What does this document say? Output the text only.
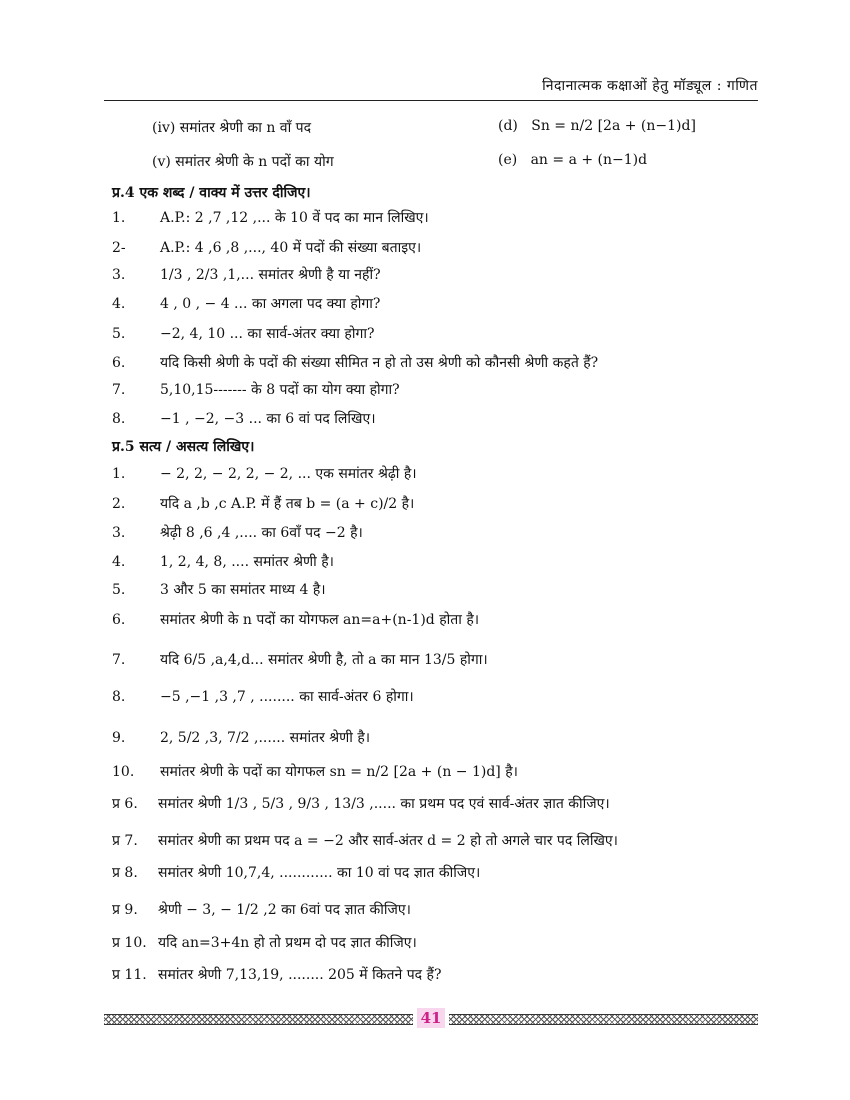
निदानात्मक कक्षाओं हेतु मॉड्यूल : गणित
(iv) समांतर श्रेणी का n वाँ पद	(d) Sn = n/2 [2a + (n−1)d]
(v) समांतर श्रेणी के n पदों का योग	(e) an = a + (n−1)d
प्र.4 एक शब्द / वाक्य में उत्तर दीजिए।
1. A.P.: 2 ,7 ,12 ,... के 10 वें पद का मान लिखिए।
2- A.P.: 4 ,6 ,8 ,..., 40 में पदों की संख्या बताइए।
3. 1/3 , 2/3 ,1,... समांतर श्रेणी है या नहीं?
4. 4 , 0 , − 4 ... का अगला पद क्या होगा?
5. −2, 4, 10 ... का सार्व-अंतर क्या होगा?
6. यदि किसी श्रेणी के पदों की संख्या सीमित न हो तो उस श्रेणी को कौनसी श्रेणी कहते हैं?
7. 5,10,15------- के 8 पदों का योग क्या होगा?
8. −1 , −2, −3 ... का 6 वां पद लिखिए।
प्र.5 सत्य / असत्य लिखिए।
1. − 2, 2, − 2, 2, − 2, ... एक समांतर श्रेढ़ी है।
2. यदि a ,b ,c A.P. में हैं तब b = (a + c)/2 है।
3. श्रेढ़ी 8 ,6 ,4 ,.... का 6वाँ पद −2 है।
4. 1, 2, 4, 8, .... समांतर श्रेणी है।
5. 3 और 5 का समांतर माध्य 4 है।
6. समांतर श्रेणी के n पदों का योगफल an=a+(n-1)d होता है।
7. यदि 6/5 ,a,4,d... समांतर श्रेणी है, तो a का मान 13/5 होगा।
8. −5 ,−1 ,3 ,7 , ........ का सार्व-अंतर 6 होगा।
9. 2, 5/2 ,3, 7/2 ,...... समांतर श्रेणी है।
10. समांतर श्रेणी के पदों का योगफल sn = n/2 [2a + (n − 1)d] है।
प्र 6. समांतर श्रेणी 1/3 , 5/3 , 9/3 , 13/3 ,..... का प्रथम पद एवं सार्व-अंतर ज्ञात कीजिए।
प्र 7. समांतर श्रेणी का प्रथम पद a = −2 और सार्व-अंतर d = 2 हो तो अगले चार पद लिखिए।
प्र 8. समांतर श्रेणी 10,7,4, ............ का 10 वां पद ज्ञात कीजिए।
प्र 9. श्रेणी − 3, − 1/2 ,2 का 6वां पद ज्ञात कीजिए।
प्र 10. यदि an=3+4n हो तो प्रथम दो पद ज्ञात कीजिए।
प्र 11. समांतर श्रेणी 7,13,19, ........ 205 में कितने पद हैं?
41
